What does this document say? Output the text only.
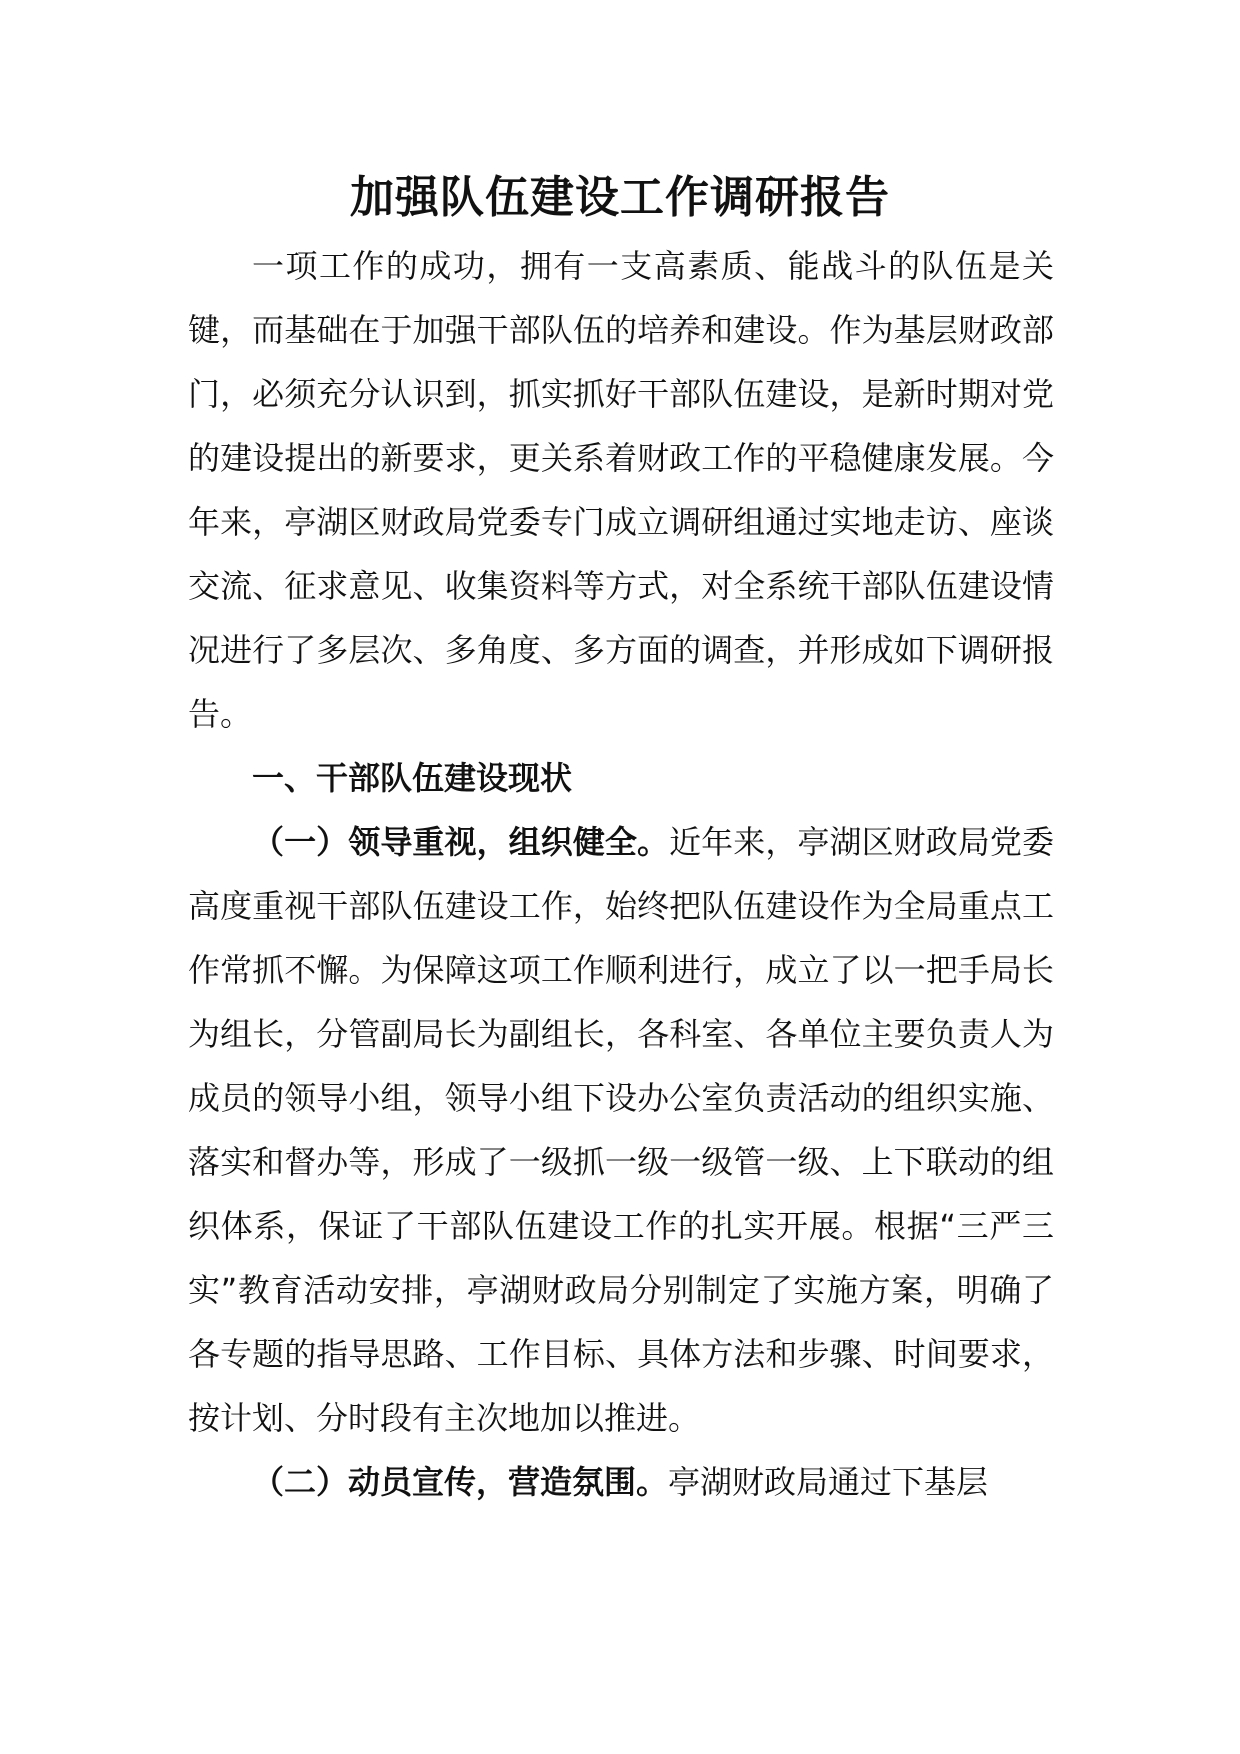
加强队伍建设工作调研报告

一项工作的成功，拥有一支高素质、能战斗的队伍是关键，而基础在于加强干部队伍的培养和建设。作为基层财政部门，必须充分认识到，抓实抓好干部队伍建设，是新时期对党的建设提出的新要求，更关系着财政工作的平稳健康发展。今年来，亭湖区财政局党委专门成立调研组通过实地走访、座谈交流、征求意见、收集资料等方式，对全系统干部队伍建设情况进行了多层次、多角度、多方面的调查，并形成如下调研报告。

一、干部队伍建设现状

（一）领导重视，组织健全。近年来，亭湖区财政局党委高度重视干部队伍建设工作，始终把队伍建设作为全局重点工作常抓不懈。为保障这项工作顺利进行，成立了以一把手局长为组长，分管副局长为副组长，各科室、各单位主要负责人为成员的领导小组，领导小组下设办公室负责活动的组织实施、落实和督办等，形成了一级抓一级一级管一级、上下联动的组织体系，保证了干部队伍建设工作的扎实开展。根据“三严三实”教育活动安排，亭湖财政局分别制定了实施方案，明确了各专题的指导思路、工作目标、具体方法和步骤、时间要求，按计划、分时段有主次地加以推进。

（二）动员宣传，营造氛围。亭湖财政局通过下基层
